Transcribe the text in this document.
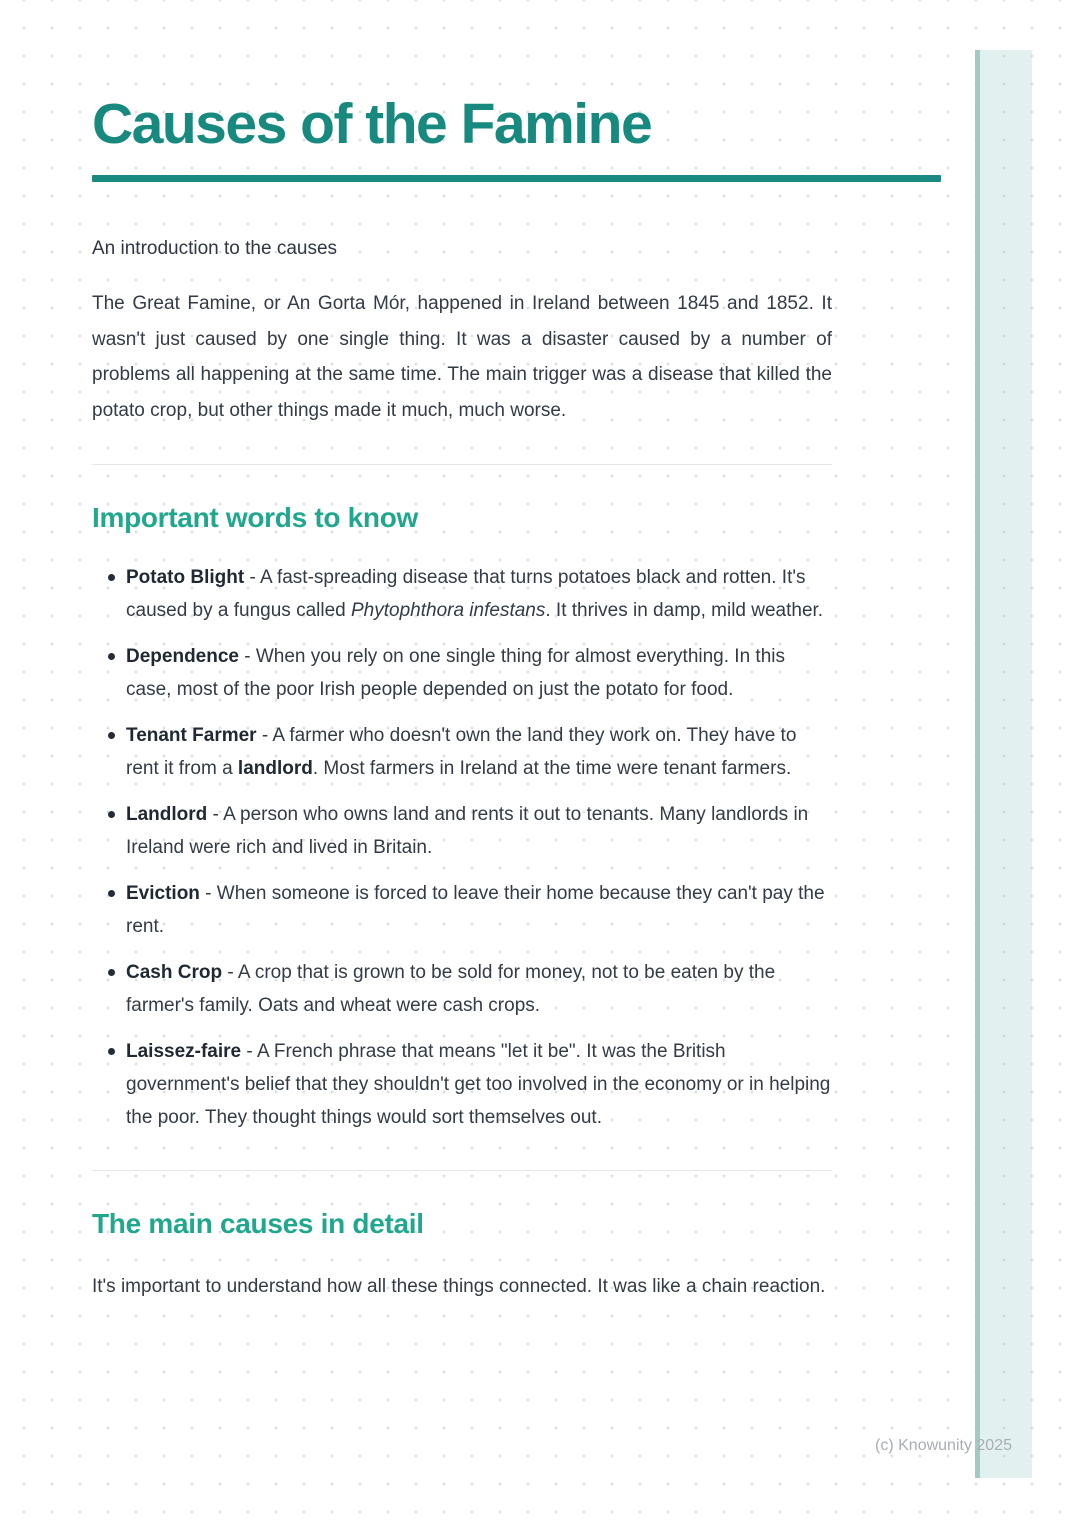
Causes of the Famine

An introduction to the causes

The Great Famine, or An Gorta Mór, happened in Ireland between 1845 and 1852. It wasn't just caused by one single thing. It was a disaster caused by a number of problems all happening at the same time. The main trigger was a disease that killed the potato crop, but other things made it much, much worse.

Important words to know
Potato Blight - A fast-spreading disease that turns potatoes black and rotten. It's caused by a fungus called Phytophthora infestans. It thrives in damp, mild weather.
Dependence - When you rely on one single thing for almost everything. In this case, most of the poor Irish people depended on just the potato for food.
Tenant Farmer - A farmer who doesn't own the land they work on. They have to rent it from a landlord. Most farmers in Ireland at the time were tenant farmers.
Landlord - A person who owns land and rents it out to tenants. Many landlords in Ireland were rich and lived in Britain.
Eviction - When someone is forced to leave their home because they can't pay the rent.
Cash Crop - A crop that is grown to be sold for money, not to be eaten by the farmer's family. Oats and wheat were cash crops.
Laissez-faire - A French phrase that means "let it be". It was the British government's belief that they shouldn't get too involved in the economy or in helping the poor. They thought things would sort themselves out.
The main causes in detail

It's important to understand how all these things connected. It was like a chain reaction.

(c) Knowunity 2025
